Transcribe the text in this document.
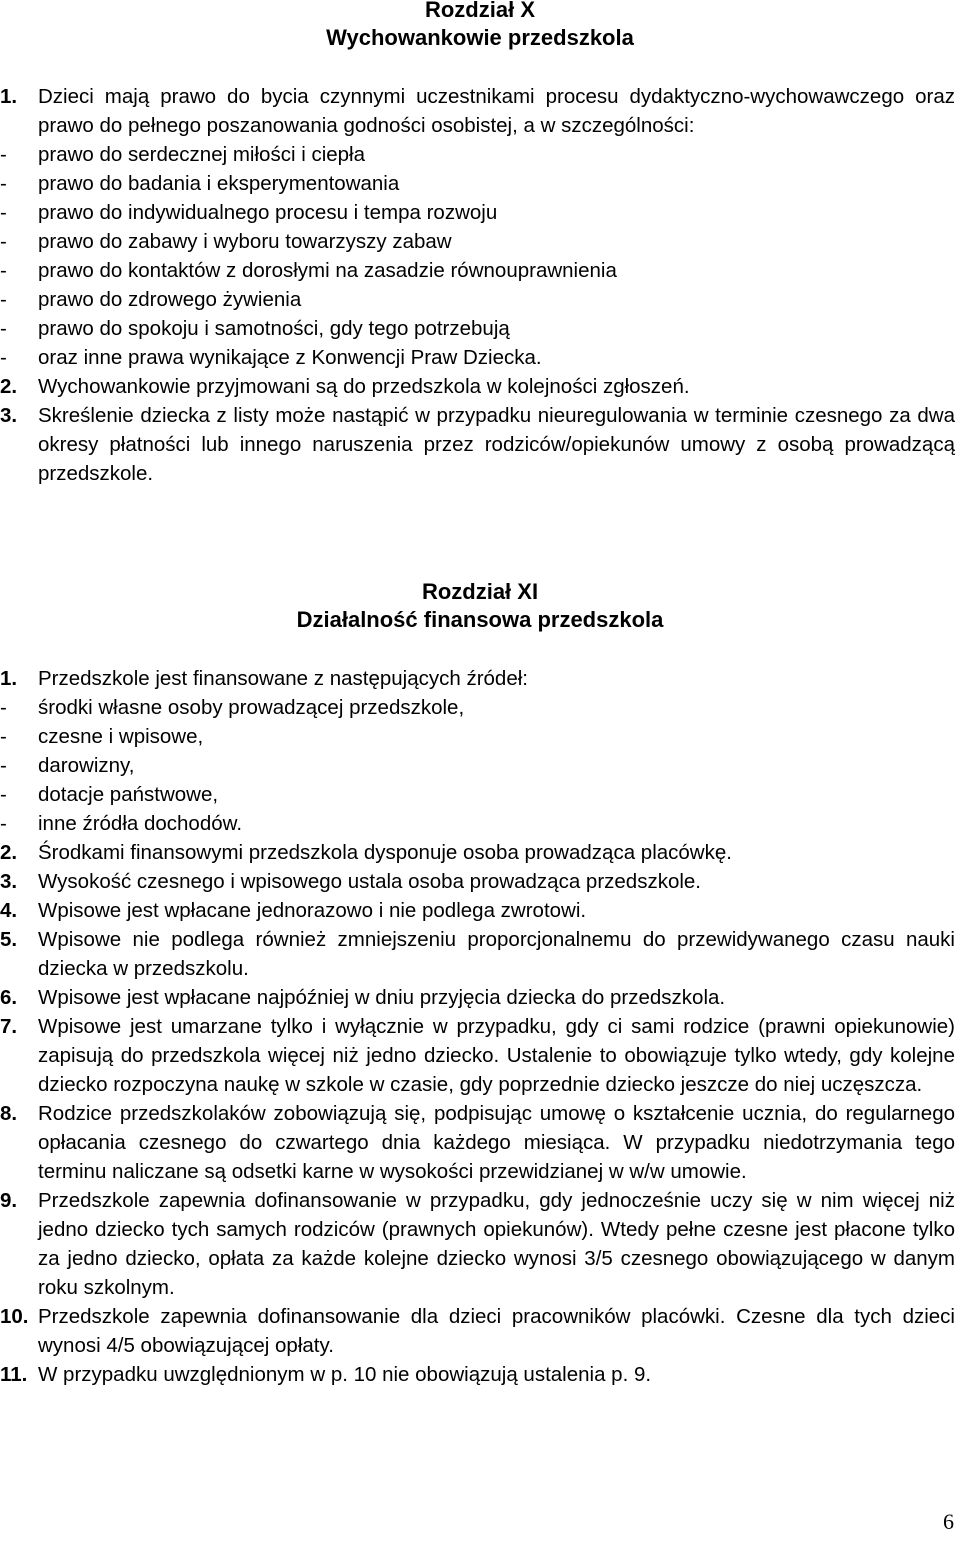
Rozdział X
Wychowankowie przedszkola
1. Dzieci mają prawo do bycia czynnymi uczestnikami procesu dydaktyczno-wychowawczego oraz prawo do pełnego poszanowania godności osobistej, a w szczególności:
- prawo do serdecznej miłości i ciepła
- prawo do badania i eksperymentowania
- prawo do indywidualnego procesu i tempa rozwoju
- prawo do zabawy i wyboru towarzyszy zabaw
- prawo do kontaktów z dorosłymi na zasadzie równouprawnienia
- prawo do zdrowego żywienia
- prawo do spokoju i samotności, gdy tego potrzebują
- oraz inne prawa wynikające z Konwencji Praw Dziecka.
2. Wychowankowie przyjmowani są do przedszkola w kolejności zgłoszeń.
3. Skreślenie dziecka z listy może nastąpić w przypadku nieuregulowania w terminie czesnego za dwa okresy płatności lub innego naruszenia przez rodziców/opiekunów umowy z osobą prowadzącą przedszkole.
Rozdział XI
Działalność finansowa przedszkola
1. Przedszkole jest finansowane z następujących źródeł:
- środki własne osoby prowadzącej przedszkole,
- czesne i wpisowe,
- darowizny,
- dotacje państwowe,
- inne źródła dochodów.
2. Środkami finansowymi przedszkola dysponuje osoba prowadząca placówkę.
3. Wysokość czesnego i wpisowego ustala osoba prowadząca przedszkole.
4. Wpisowe jest wpłacane jednorazowo i nie podlega zwrotowi.
5. Wpisowe nie podlega również zmniejszeniu proporcjonalnemu do przewidywanego czasu nauki dziecka w przedszkolu.
6. Wpisowe jest wpłacane najpóźniej w dniu przyjęcia dziecka do przedszkola.
7. Wpisowe jest umarzane tylko i wyłącznie w przypadku, gdy ci sami rodzice (prawni opiekunowie) zapisują do przedszkola więcej niż jedno dziecko. Ustalenie to obowiązuje tylko wtedy, gdy kolejne dziecko rozpoczyna naukę w szkole w czasie, gdy poprzednie dziecko jeszcze do niej uczęszcza.
8. Rodzice przedszkolaków zobowiązują się, podpisując umowę o kształcenie ucznia, do regularnego opłacania czesnego do czwartego dnia każdego miesiąca. W przypadku niedotrzymania tego terminu naliczane są odsetki karne w wysokości przewidzianej w w/w umowie.
9. Przedszkole zapewnia dofinansowanie w przypadku, gdy jednocześnie uczy się w nim więcej niż jedno dziecko tych samych rodziców (prawnych opiekunów). Wtedy pełne czesne jest płacone tylko za jedno dziecko, opłata za każde kolejne dziecko wynosi 3/5 czesnego obowiązującego w danym roku szkolnym.
10. Przedszkole zapewnia dofinansowanie dla dzieci pracowników placówki. Czesne dla tych dzieci wynosi 4/5 obowiązującej opłaty.
11. W przypadku uwzględnionym w p. 10 nie obowiązują ustalenia p. 9.
6
